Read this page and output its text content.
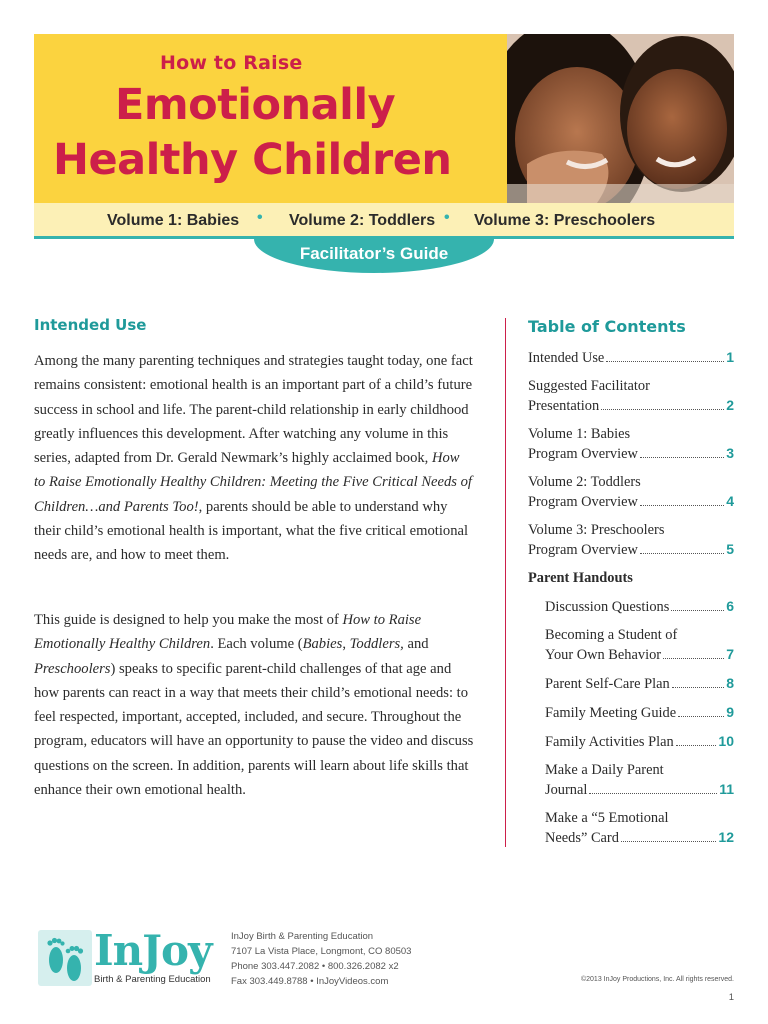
How to Raise
Emotionally
Healthy Children
Volume 1: Babies • Volume 2: Toddlers • Volume 3: Preschoolers
Facilitator’s Guide
Intended Use

Among the many parenting techniques and strategies taught today, one fact remains consistent: emotional health is an important part of a child’s future success in school and life. The parent-child relationship in early childhood greatly influences this development. After watching any volume in this series, adapted from Dr. Gerald Newmark’s highly acclaimed book, How to Raise Emotionally Healthy Children: Meeting the Five Critical Needs of Children…and Parents Too!, parents should be able to understand why their child’s emotional health is important, what the five critical emotional needs are, and how to meet them.

This guide is designed to help you make the most of How to Raise Emotionally Healthy Children. Each volume (Babies, Toddlers, and Preschoolers) speaks to specific parent-child challenges of that age and how parents can react in a way that meets their child’s emotional needs: to feel respected, important, accepted, included, and secure. Throughout the program, educators will have an opportunity to pause the video and discuss questions on the screen. In addition, parents will learn about life skills that enhance their own emotional health.

Table of Contents
Intended Use	1
Suggested Facilitator
Presentation	2
Volume 1: Babies
Program Overview	3
Volume 2: Toddlers
Program Overview	4
Volume 3: Preschoolers
Program Overview	5
Parent Handouts
Discussion Questions	6
Becoming a Student of
Your Own Behavior	7
Parent Self-Care Plan	8
Family Meeting Guide	9
Family Activities Plan	10
Make a Daily Parent
Journal	11
Make a “5 Emotional
Needs” Card	12
InJoy
Birth & Parenting Education
InJoy Birth & Parenting Education
7107 La Vista Place, Longmont, CO 80503
Phone 303.447.2082 • 800.326.2082 x2
Fax 303.449.8788 • InJoyVideos.com	©2013 InJoy Productions, Inc. All rights reserved.
1
